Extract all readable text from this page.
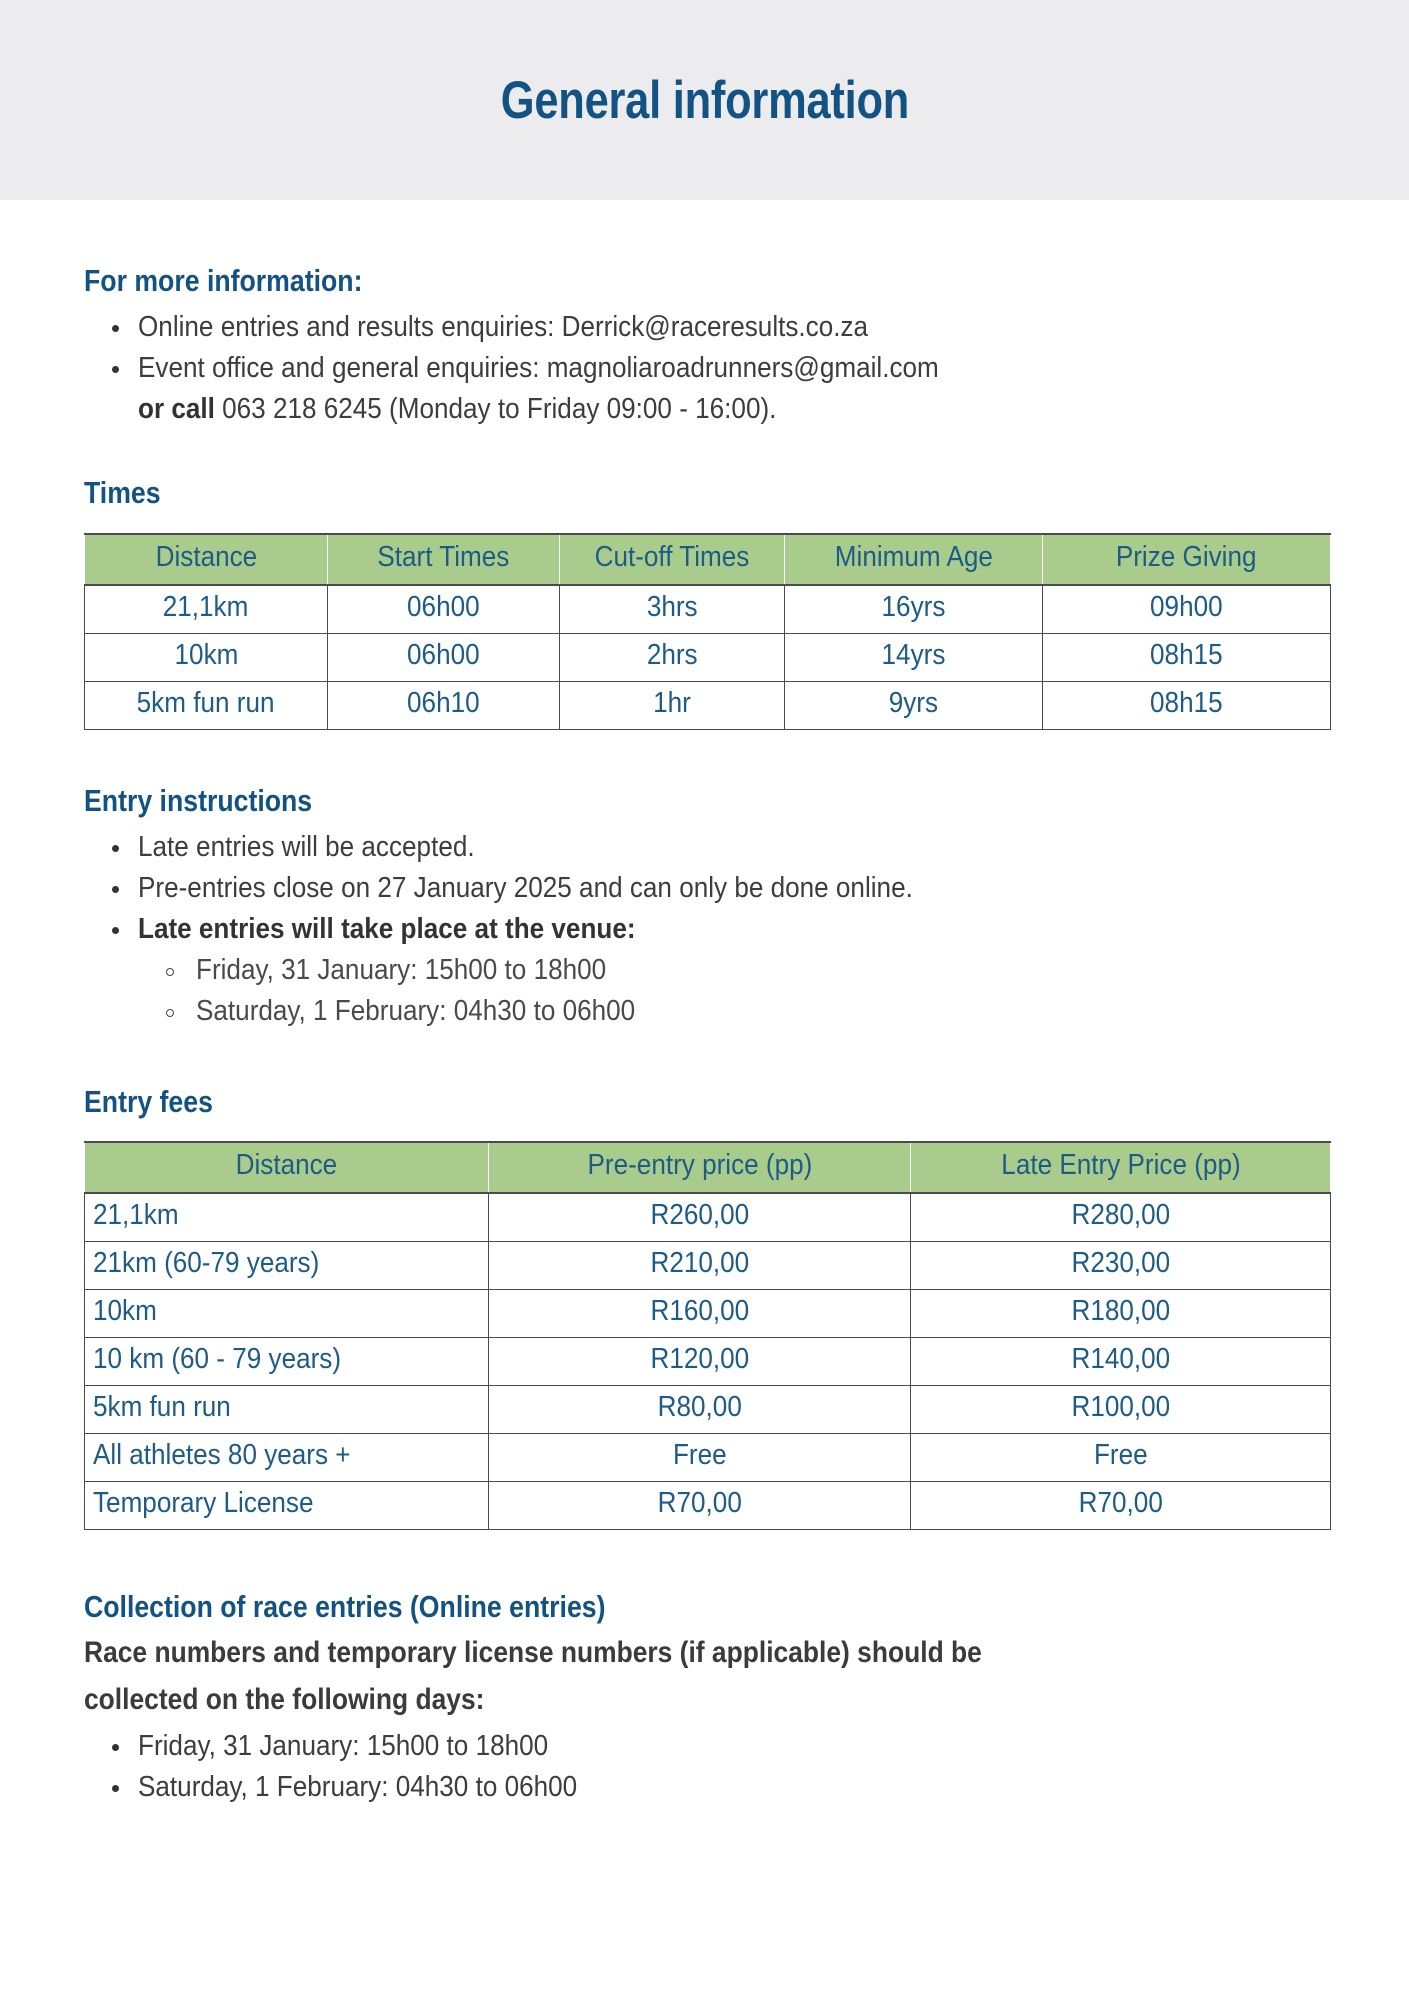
General information
For more information:
Online entries and results enquiries: Derrick@raceresults.co.za
Event office and general enquiries: magnoliaroadrunners@gmail.com
or call 063 218 6245 (Monday to Friday 09:00 - 16:00).
Times
Distance	Start Times	Cut-off Times	Minimum Age	Prize Giving
21,1km	06h00	3hrs	16yrs	09h00
10km	06h00	2hrs	14yrs	08h15
5km fun run	06h10	1hr	9yrs	08h15
Entry instructions
Late entries will be accepted.
Pre-entries close on 27 January 2025 and can only be done online.
Late entries will take place at the venue:
Friday, 31 January: 15h00 to 18h00
Saturday, 1 February: 04h30 to 06h00
Entry fees
Distance	Pre-entry price (pp)	Late Entry Price (pp)
21,1km	R260,00	R280,00
21km (60-79 years)	R210,00	R230,00
10km	R160,00	R180,00
10 km (60 - 79 years)	R120,00	R140,00
5km fun run	R80,00	R100,00
All athletes 80 years +	Free	Free
Temporary License	R70,00	R70,00
Collection of race entries (Online entries)
Race numbers and temporary license numbers (if applicable) should be
collected on the following days:
Friday, 31 January: 15h00 to 18h00
Saturday, 1 February: 04h30 to 06h00
